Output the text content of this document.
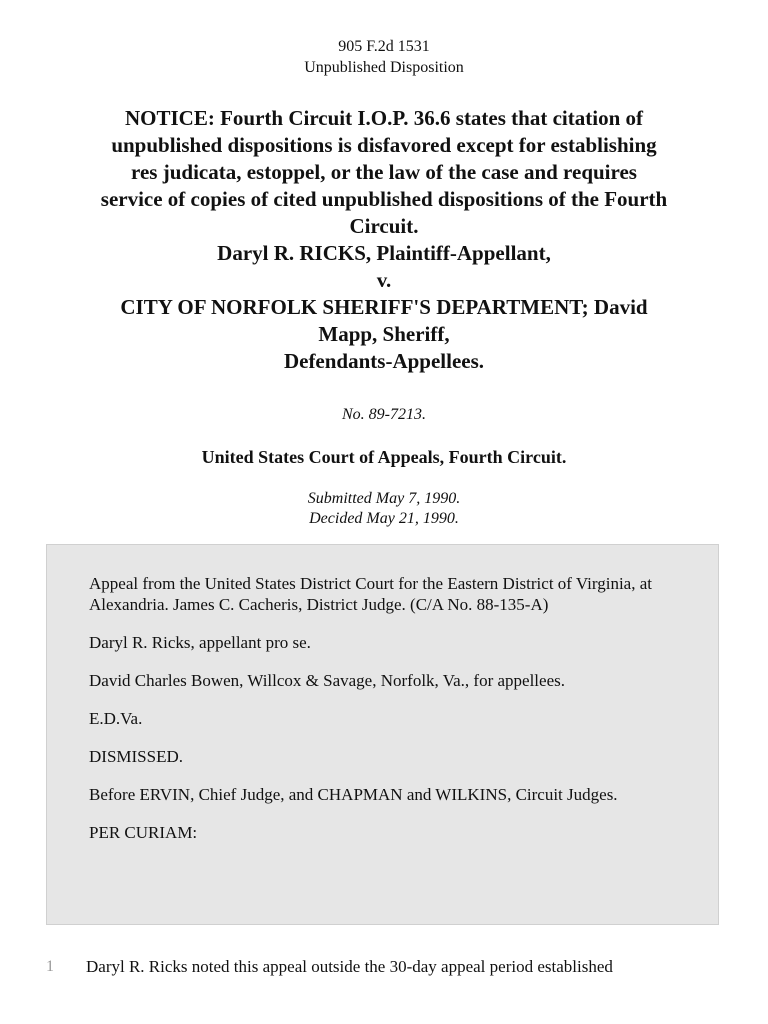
905 F.2d 1531
Unpublished Disposition
NOTICE: Fourth Circuit I.O.P. 36.6 states that citation of
unpublished dispositions is disfavored except for establishing
res judicata, estoppel, or the law of the case and requires
service of copies of cited unpublished dispositions of the Fourth
Circuit.
Daryl R. RICKS, Plaintiff-Appellant,
v.
CITY OF NORFOLK SHERIFF'S DEPARTMENT; David
Mapp, Sheriff,
Defendants-Appellees.
No. 89-7213.
United States Court of Appeals, Fourth Circuit.
Submitted May 7, 1990.
Decided May 21, 1990.

Appeal from the United States District Court for the Eastern District of Virginia, at Alexandria. James C. Cacheris, District Judge. (C/A No. 88-135-A)

Daryl R. Ricks, appellant pro se.

David Charles Bowen, Willcox & Savage, Norfolk, Va., for appellees.

E.D.Va.

DISMISSED.

Before ERVIN, Chief Judge, and CHAPMAN and WILKINS, Circuit Judges.

PER CURIAM:

1 Daryl R. Ricks noted this appeal outside the 30-day appeal period established
